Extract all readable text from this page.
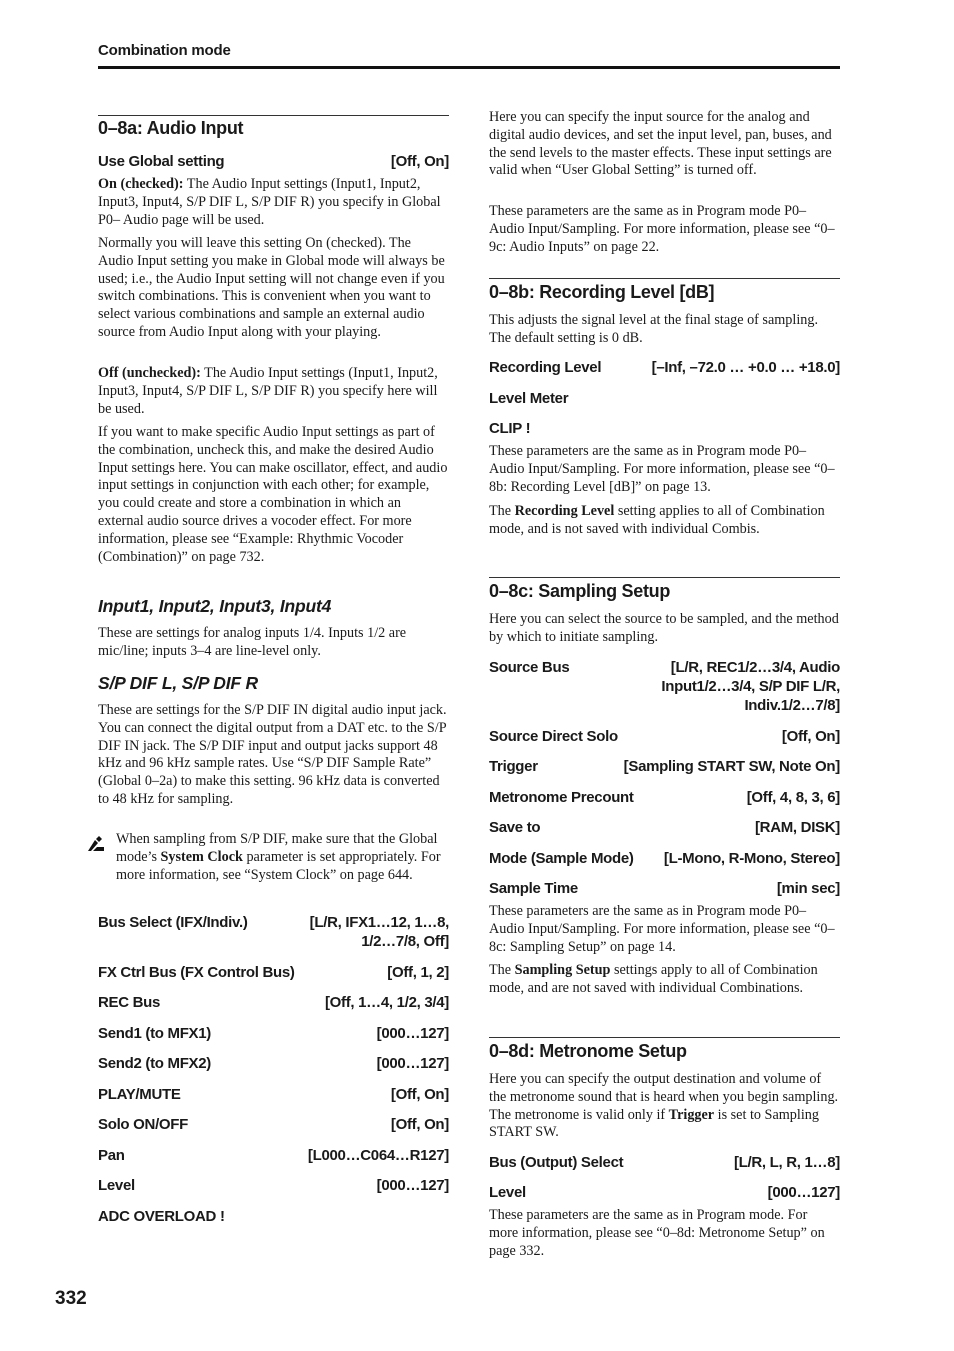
Combination mode
0–8a: Audio Input
Use Global setting	[Off, On]
On (checked): The Audio Input settings (Input1, Input2, Input3, Input4, S/P DIF L, S/P DIF R) you specify in Global P0– Audio page will be used.
Normally you will leave this setting On (checked). The Audio Input setting you make in Global mode will always be used; i.e., the Audio Input setting will not change even if you switch combinations. This is convenient when you want to select various combinations and sample an external audio source from Audio Input along with your playing.
Off (unchecked): The Audio Input settings (Input1, Input2, Input3, Input4, S/P DIF L, S/P DIF R) you specify here will be used.
If you want to make specific Audio Input settings as part of the combination, uncheck this, and make the desired Audio Input settings here. You can make oscillator, effect, and audio input settings in conjunction with each other; for example, you could create and store a combination in which an external audio source drives a vocoder effect. For more information, please see “Example: Rhythmic Vocoder (Combination)” on page 732.
Input1, Input2, Input3, Input4
These are settings for analog inputs 1/4. Inputs 1/2 are mic/line; inputs 3–4 are line-level only.
S/P DIF L, S/P DIF R
These are settings for the S/P DIF IN digital audio input jack. You can connect the digital output from a DAT etc. to the S/P DIF IN jack. The S/P DIF input and output jacks support 48 kHz and 96 kHz sample rates. Use “S/P DIF Sample Rate” (Global 0–2a) to make this setting. 96 kHz data is converted to 48 kHz for sampling.
When sampling from S/P DIF, make sure that the Global mode’s System Clock parameter is set appropriately. For more information, see “System Clock” on page 644.
Bus Select (IFX/Indiv.)	[L/R, IFX1…12, 1…8,
1/2…7/8, Off]
FX Ctrl Bus (FX Control Bus)	[Off, 1, 2]
REC Bus	[Off, 1…4, 1/2, 3/4]
Send1 (to MFX1)	[000…127]
Send2 (to MFX2)	[000…127]
PLAY/MUTE	[Off, On]
Solo ON/OFF	[Off, On]
Pan	[L000…C064…R127]
Level	[000…127]
ADC OVERLOAD !
Here you can specify the input source for the analog and digital audio devices, and set the input level, pan, buses, and the send levels to the master effects. These input settings are valid when “User Global Setting” is turned off.
These parameters are the same as in Program mode P0– Audio Input/Sampling. For more information, please see “0–9c: Audio Inputs” on page 22.
0–8b: Recording Level [dB]
This adjusts the signal level at the final stage of sampling. The default setting is 0 dB.
Recording Level	[–Inf, –72.0 … +0.0 … +18.0]
Level Meter
CLIP !
These parameters are the same as in Program mode P0– Audio Input/Sampling. For more information, please see “0–8b: Recording Level [dB]” on page 13.
The Recording Level setting applies to all of Combination mode, and is not saved with individual Combis.
0–8c: Sampling Setup
Here you can select the source to be sampled, and the method by which to initiate sampling.
Source Bus	[L/R, REC1/2…3/4, Audio
Input1/2…3/4, S/P DIF L/R,
Indiv.1/2…7/8]
Source Direct Solo	[Off, On]
Trigger	[Sampling START SW, Note On]
Metronome Precount	[Off, 4, 8, 3, 6]
Save to	[RAM, DISK]
Mode (Sample Mode) [L-Mono, R-Mono, Stereo]
Sample Time	[min sec]
These parameters are the same as in Program mode P0– Audio Input/Sampling. For more information, please see “0–8c: Sampling Setup” on page 14.
The Sampling Setup settings apply to all of Combination mode, and are not saved with individual Combinations.
0–8d: Metronome Setup
Here you can specify the output destination and volume of the metronome sound that is heard when you begin sampling. The metronome is valid only if Trigger is set to Sampling START SW.
Bus (Output) Select	[L/R, L, R, 1…8]
Level	[000…127]
These parameters are the same as in Program mode. For more information, please see “0–8d: Metronome Setup” on page 332.
332
